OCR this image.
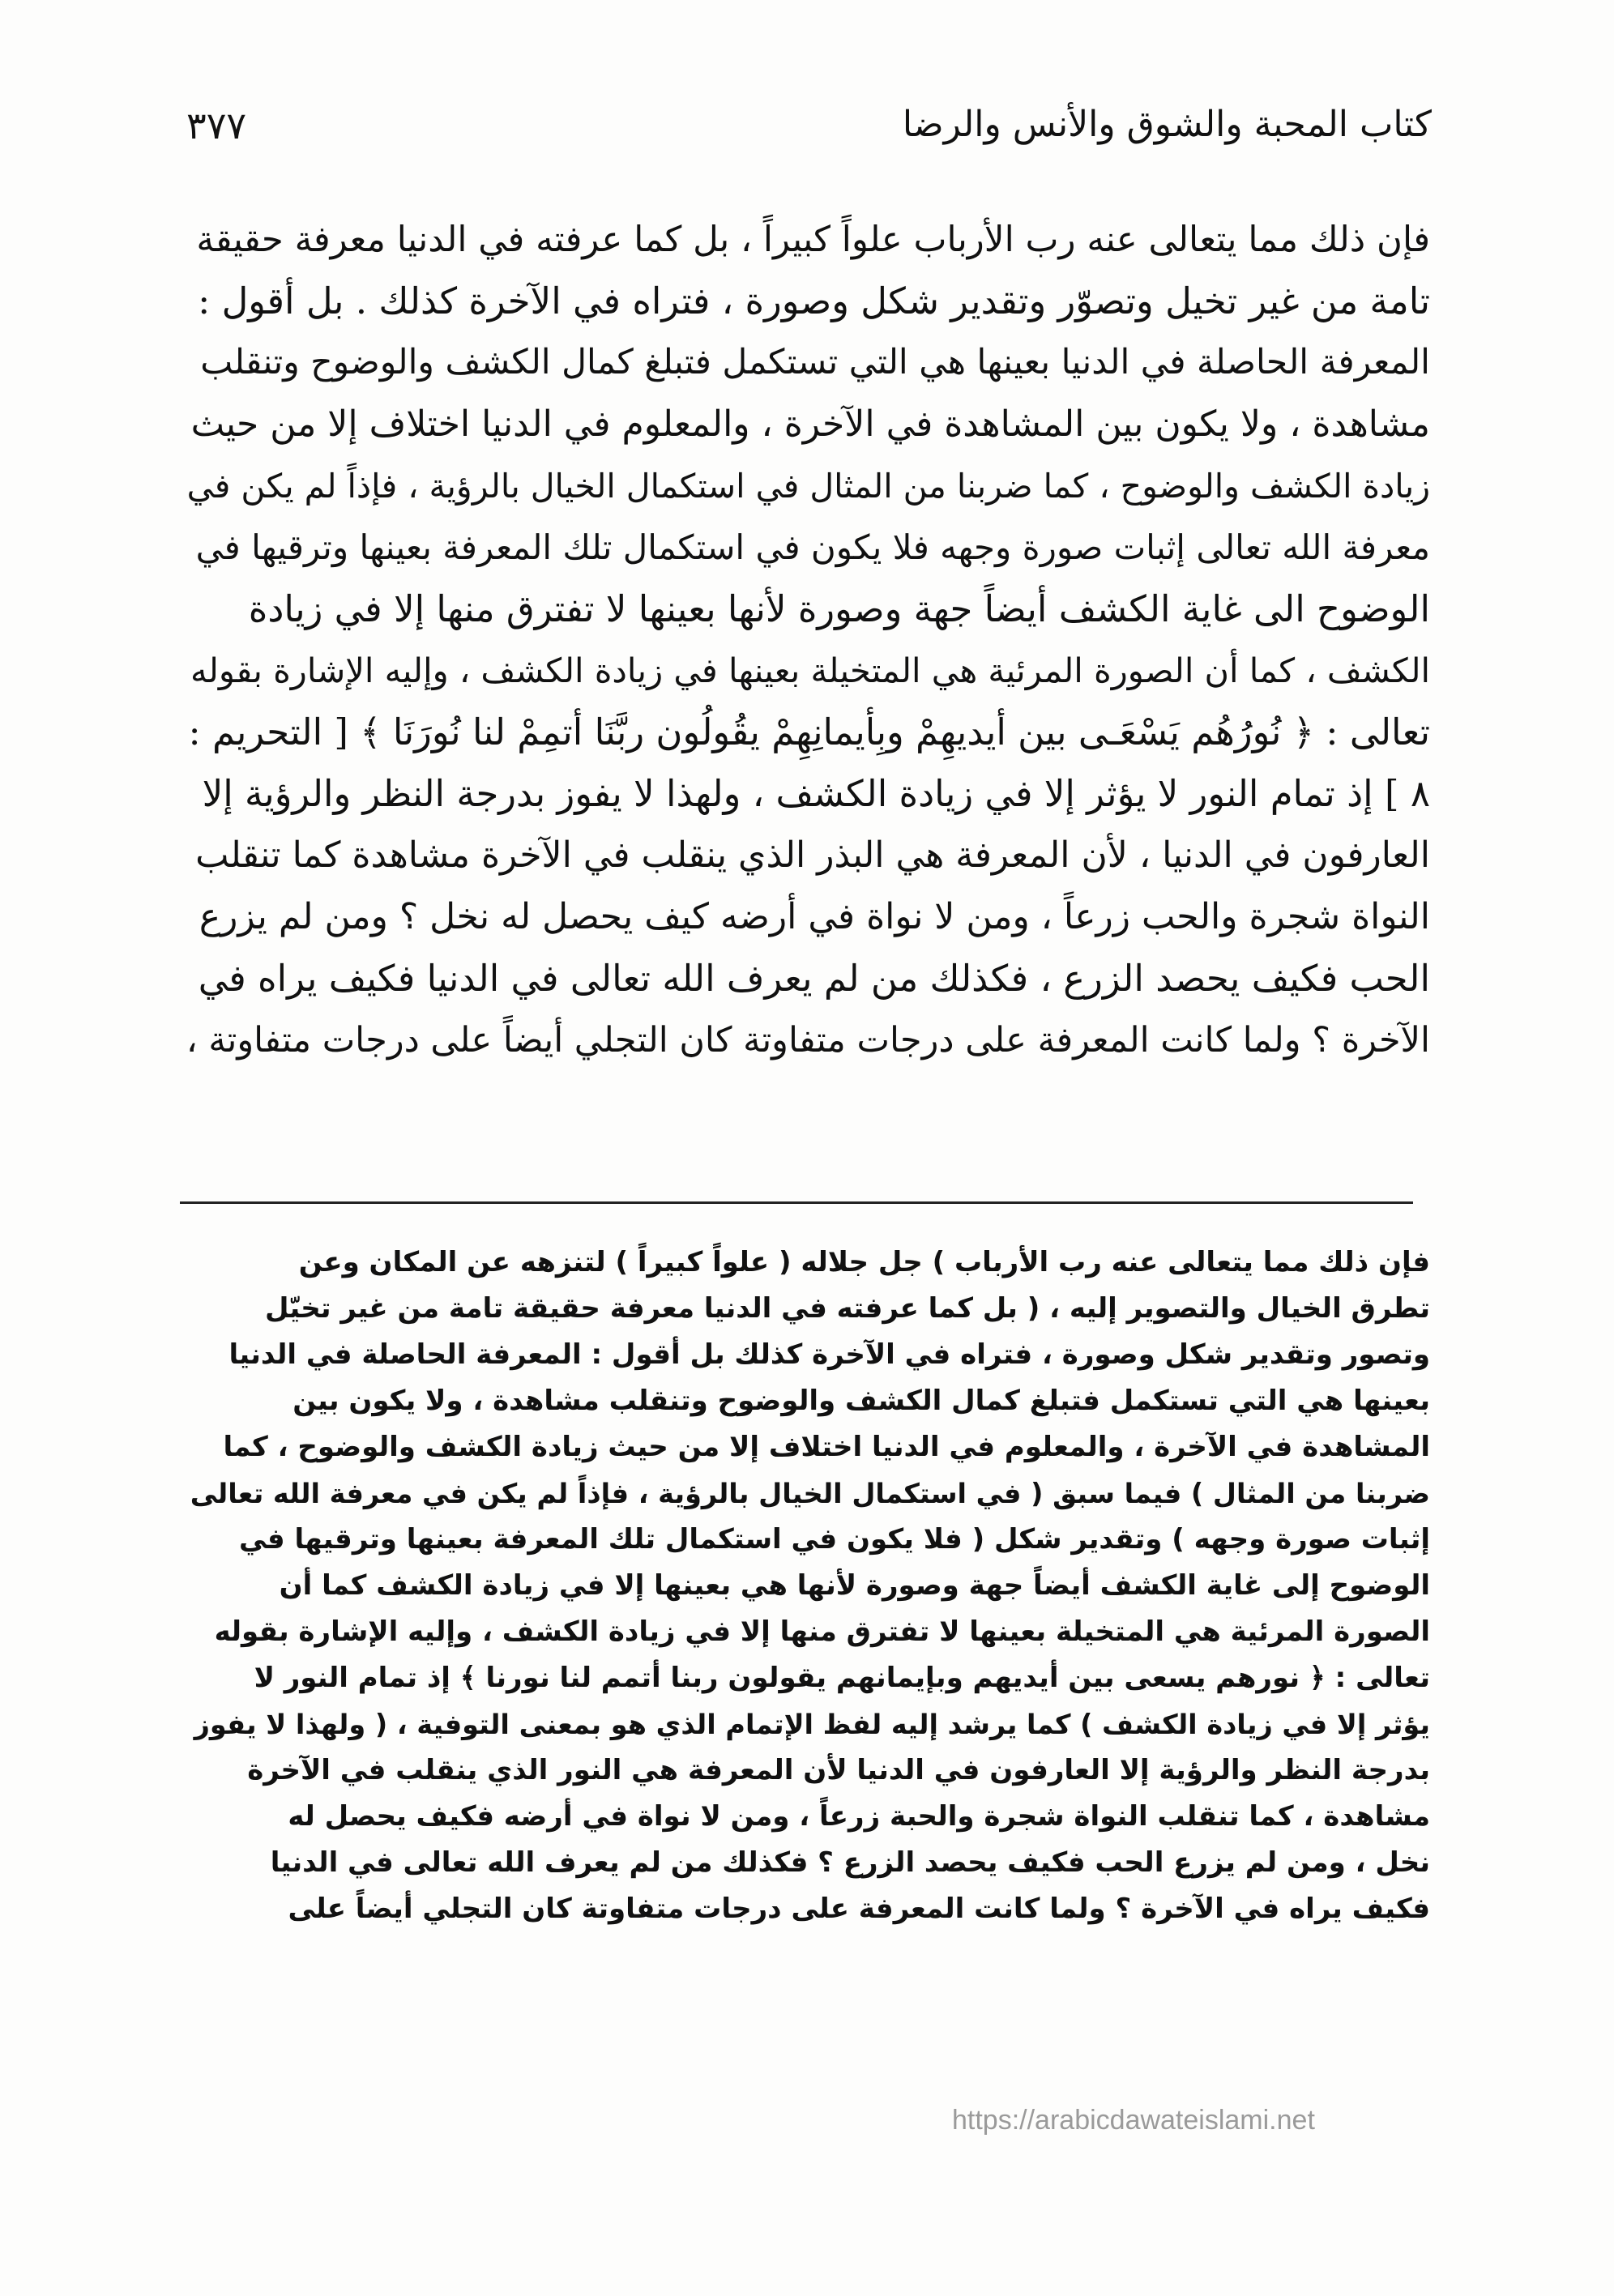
كتاب المحبة والشوق والأنس والرضا
٣٧٧
فإن ذلك مما يتعالى عنه رب الأرباب علواً كبيراً ، بل كما عرفته في الدنيا معرفة حقيقة
تامة من غير تخيل وتصوّر وتقدير شكل وصورة ، فتراه في الآخرة كذلك . بل أقول :
المعرفة الحاصلة في الدنيا بعينها هي التي تستكمل فتبلغ كمال الكشف والوضوح وتنقلب
مشاهدة ، ولا يكون بين المشاهدة في الآخرة ، والمعلوم في الدنيا اختلاف إلا من حيث
زيادة الكشف والوضوح ، كما ضربنا من المثال في استكمال الخيال بالرؤية ، فإذاً لم يكن في
معرفة الله تعالى إثبات صورة وجهه فلا يكون في استكمال تلك المعرفة بعينها وترقيها في
الوضوح الى غاية الكشف أيضاً جهة وصورة لأنها بعينها لا تفترق منها إلا في زيادة
الكشف ، كما أن الصورة المرئية هي المتخيلة بعينها في زيادة الكشف ، وإليه الإشارة بقوله
تعالى : ﴿ نُورُهُم يَسْعَـى بين أيديهِمْ وبِأيمانِهِمْ يقُولُون ربَّنَا أتمِمْ لنا نُورَنَا ﴾ [ التحريم :
٨ ] إذ تمام النور لا يؤثر إلا في زيادة الكشف ، ولهذا لا يفوز بدرجة النظر والرؤية إلا
العارفون في الدنيا ، لأن المعرفة هي البذر الذي ينقلب في الآخرة مشاهدة كما تنقلب
النواة شجرة والحب زرعاً ، ومن لا نواة في أرضه كيف يحصل له نخل ؟ ومن لم يزرع
الحب فكيف يحصد الزرع ، فكذلك من لم يعرف الله تعالى في الدنيا فكيف يراه في
الآخرة ؟ ولما كانت المعرفة على درجات متفاوتة كان التجلي أيضاً على درجات متفاوتة ،
فإن ذلك مما يتعالى عنه رب الأرباب ) جل جلاله ( علواً كبيراً ) لتنزهه عن المكان وعن
تطرق الخيال والتصوير إليه ، ( بل كما عرفته في الدنيا معرفة حقيقة تامة من غير تخيّل
وتصور وتقدير شكل وصورة ، فتراه في الآخرة كذلك بل أقول : المعرفة الحاصلة في الدنيا
بعينها هي التي تستكمل فتبلغ كمال الكشف والوضوح وتنقلب مشاهدة ، ولا يكون بين
المشاهدة في الآخرة ، والمعلوم في الدنيا اختلاف إلا من حيث زيادة الكشف والوضوح ، كما
ضربنا من المثال ) فيما سبق ( في استكمال الخيال بالرؤية ، فإذاً لم يكن في معرفة الله تعالى
إثبات صورة وجهه ) وتقدير شكل ( فلا يكون في استكمال تلك المعرفة بعينها وترقيها في
الوضوح إلى غاية الكشف أيضاً جهة وصورة لأنها هي بعينها إلا في زيادة الكشف كما أن
الصورة المرئية هي المتخيلة بعينها لا تفترق منها إلا في زيادة الكشف ، وإليه الإشارة بقوله
تعالى : ﴿ نورهم يسعى بين أيديهم وبإيمانهم يقولون ربنا أتمم لنا نورنا ﴾ إذ تمام النور لا
يؤثر إلا في زيادة الكشف ) كما يرشد إليه لفظ الإتمام الذي هو بمعنى التوفية ، ( ولهذا لا يفوز
بدرجة النظر والرؤية إلا العارفون في الدنيا لأن المعرفة هي النور الذي ينقلب في الآخرة
مشاهدة ، كما تنقلب النواة شجرة والحبة زرعاً ، ومن لا نواة في أرضه فكيف يحصل له
نخل ، ومن لم يزرع الحب فكيف يحصد الزرع ؟ فكذلك من لم يعرف الله تعالى في الدنيا
فكيف يراه في الآخرة ؟ ولما كانت المعرفة على درجات متفاوتة كان التجلي أيضاً على
https://arabicdawateislami.net
